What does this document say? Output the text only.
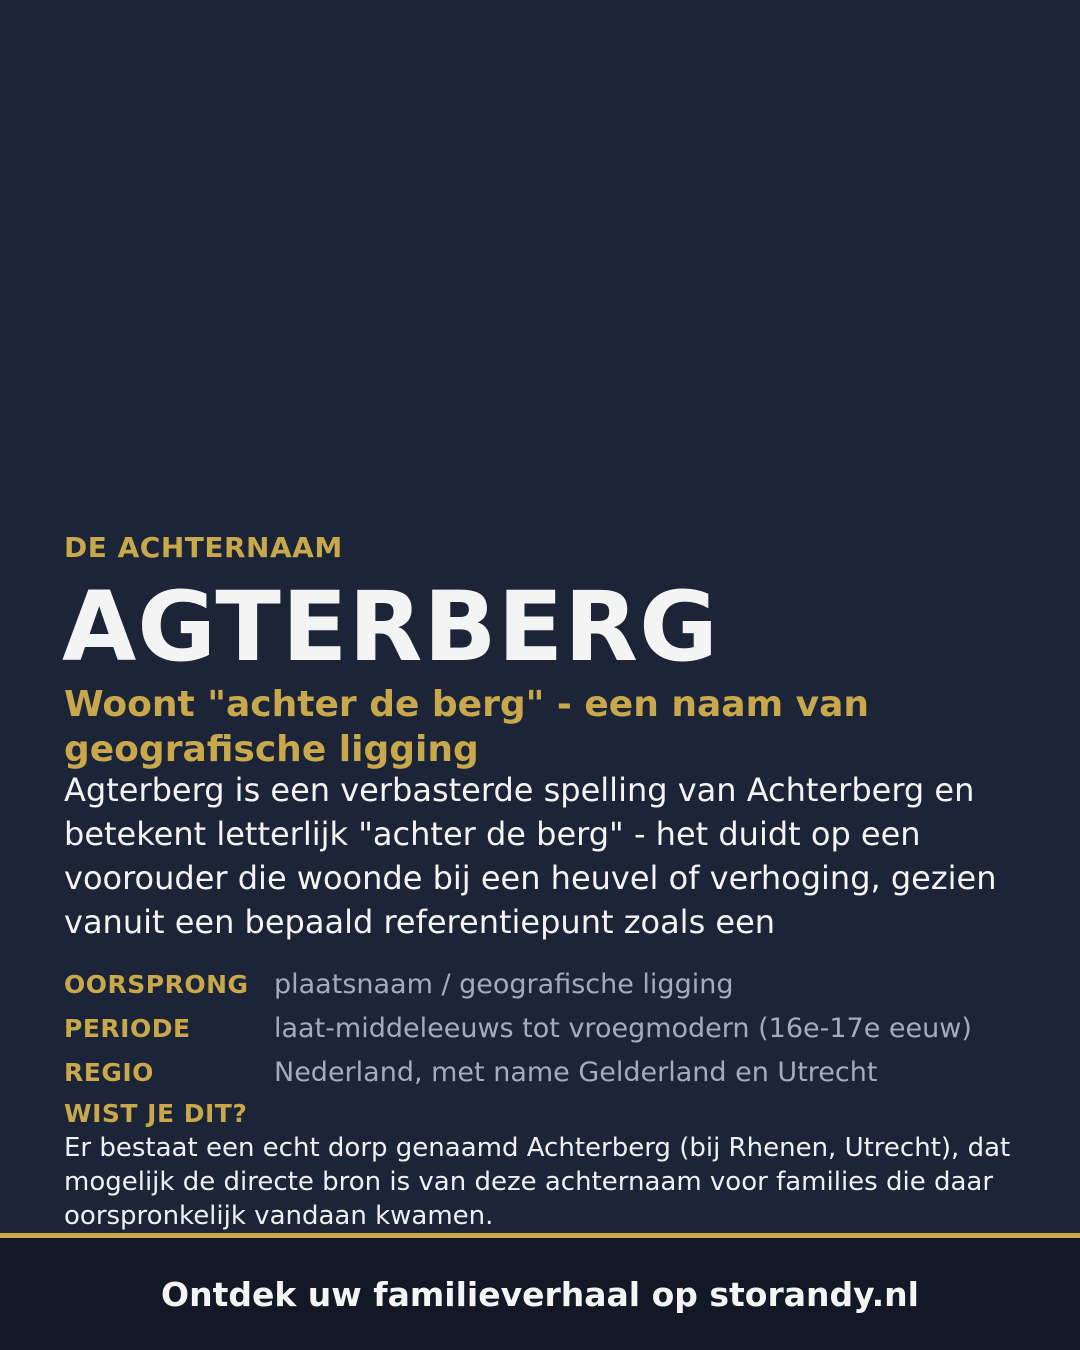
DE ACHTERNAAM
AGTERBERG
Woont "achter de berg" - een naam van geografische ligging
Agterberg is een verbasterde spelling van Achterberg en betekent letterlijk "achter de berg" - het duidt op een voorouder die woonde bij een heuvel of verhoging, gezien vanuit een bepaald referentiepunt zoals een
OORSPRONG plaatsnaam / geografische ligging
PERIODE	laat-middeleeuws tot vroegmodern (16e-17e eeuw)
REGIO	Nederland, met name Gelderland en Utrecht
WIST JE DIT?
Er bestaat een echt dorp genaamd Achterberg (bij Rhenen, Utrecht), dat mogelijk de directe bron is van deze achternaam voor families die daar oorspronkelijk vandaan kwamen.
Ontdek uw familieverhaal op storandy.nl
